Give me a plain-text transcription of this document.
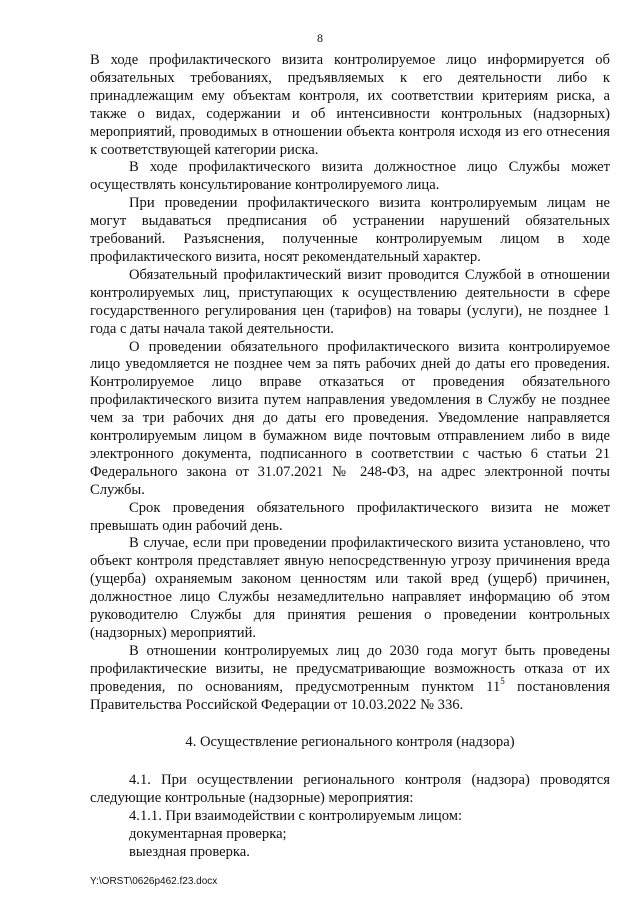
8

В ходе профилактического визита контролируемое лицо информируется об обязательных требованиях, предъявляемых к его деятельности либо к принадлежащим ему объектам контроля, их соответствии критериям риска, а также о видах, содержании и об интенсивности контрольных (надзорных) мероприятий, проводимых в отношении объекта контроля исходя из его отнесения к соответствующей категории риска.

В ходе профилактического визита должностное лицо Службы может осуществлять консультирование контролируемого лица.

При проведении профилактического визита контролируемым лицам не могут выдаваться предписания об устранении нарушений обязательных требований. Разъяснения, полученные контролируемым лицом в ходе профилактического визита, носят рекомендательный характер.

Обязательный профилактический визит проводится Службой в отношении контролируемых лиц, приступающих к осуществлению деятельности в сфере государственного регулирования цен (тарифов) на товары (услуги), не позднее 1 года с даты начала такой деятельности.

О проведении обязательного профилактического визита контролируемое лицо уведомляется не позднее чем за пять рабочих дней до даты его проведения. Контролируемое лицо вправе отказаться от проведения обязательного профилактического визита путем направления уведомления в Службу не позднее чем за три рабочих дня до даты его проведения. Уведомление направляется контролируемым лицом в бумажном виде почтовым отправлением либо в виде электронного документа, подписанного в соответствии с частью 6 статьи 21 Федерального закона от 31.07.2021 № 248-ФЗ, на адрес электронной почты Службы.

Срок проведения обязательного профилактического визита не может превышать один рабочий день.

В случае, если при проведении профилактического визита установлено, что объект контроля представляет явную непосредственную угрозу причинения вреда (ущерба) охраняемым законом ценностям или такой вред (ущерб) причинен, должностное лицо Службы незамедлительно направляет информацию об этом руководителю Службы для принятия решения о проведении контрольных (надзорных) мероприятий.

В отношении контролируемых лиц до 2030 года могут быть проведены профилактические визиты, не предусматривающие возможность отказа от их проведения, по основаниям, предусмотренным пунктом $11^5$ постановления Правительства Российской Федерации от 10.03.2022 № 336.

4. Осуществление регионального контроля (надзора)

4.1. При осуществлении регионального контроля (надзора) проводятся следующие контрольные (надзорные) мероприятия:

4.1.1. При взаимодействии с контролируемым лицом:

документарная проверка;

выездная проверка.

Y:\ORST\0626p462.f23.docx
